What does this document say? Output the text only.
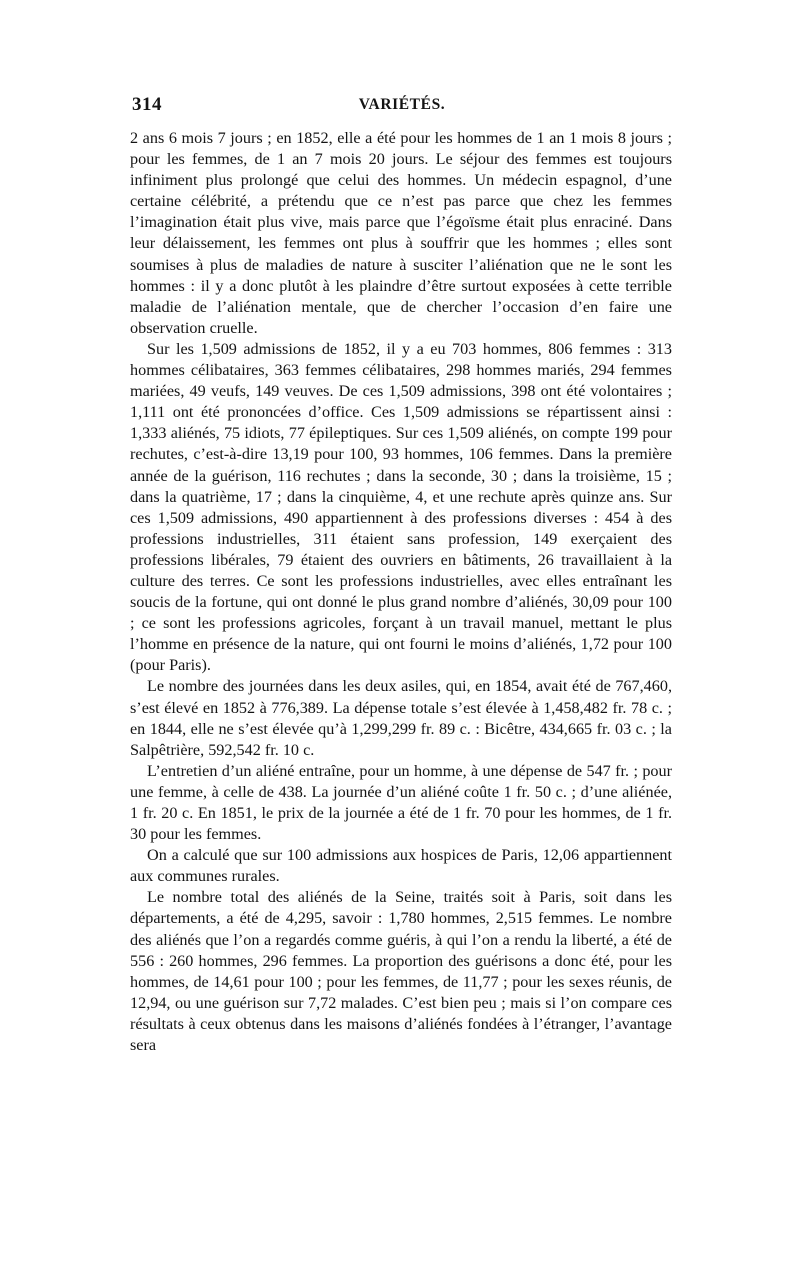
314	VARIÉTÉS.

2 ans 6 mois 7 jours ; en 1852, elle a été pour les hommes de 1 an 1 mois 8 jours ; pour les femmes, de 1 an 7 mois 20 jours. Le séjour des femmes est toujours infiniment plus prolongé que celui des hommes. Un médecin espagnol, d’une certaine célébrité, a prétendu que ce n’est pas parce que chez les femmes l’imagination était plus vive, mais parce que l’égoïsme était plus enraciné. Dans leur délaissement, les femmes ont plus à souffrir que les hommes ; elles sont soumises à plus de maladies de nature à susciter l’aliénation que ne le sont les hommes : il y a donc plutôt à les plaindre d’être surtout exposées à cette terrible maladie de l’aliénation mentale, que de chercher l’occasion d’en faire une observation cruelle.

Sur les 1,509 admissions de 1852, il y a eu 703 hommes, 806 femmes : 313 hommes célibataires, 363 femmes célibataires, 298 hommes mariés, 294 femmes mariées, 49 veufs, 149 veuves. De ces 1,509 admissions, 398 ont été volontaires ; 1,111 ont été prononcées d’office. Ces 1,509 admissions se répartissent ainsi : 1,333 aliénés, 75 idiots, 77 épileptiques. Sur ces 1,509 aliénés, on compte 199 pour rechutes, c’est-à-dire 13,19 pour 100, 93 hommes, 106 femmes. Dans la première année de la guérison, 116 rechutes ; dans la seconde, 30 ; dans la troisième, 15 ; dans la quatrième, 17 ; dans la cinquième, 4, et une rechute après quinze ans. Sur ces 1,509 admissions, 490 appartiennent à des professions diverses : 454 à des professions industrielles, 311 étaient sans profession, 149 exerçaient des professions libérales, 79 étaient des ouvriers en bâtiments, 26 travaillaient à la culture des terres. Ce sont les professions industrielles, avec elles entraînant les soucis de la fortune, qui ont donné le plus grand nombre d’aliénés, 30,09 pour 100 ; ce sont les professions agricoles, forçant à un travail manuel, mettant le plus l’homme en présence de la nature, qui ont fourni le moins d’aliénés, 1,72 pour 100 (pour Paris).

Le nombre des journées dans les deux asiles, qui, en 1854, avait été de 767,460, s’est élevé en 1852 à 776,389. La dépense totale s’est élevée à 1,458,482 fr. 78 c. ; en 1844, elle ne s’est élevée qu’à 1,299,299 fr. 89 c. : Bicêtre, 434,665 fr. 03 c. ; la Salpêtrière, 592,542 fr. 10 c.

L’entretien d’un aliéné entraîne, pour un homme, à une dépense de 547 fr. ; pour une femme, à celle de 438. La journée d’un aliéné coûte 1 fr. 50 c. ; d’une aliénée, 1 fr. 20 c. En 1851, le prix de la journée a été de 1 fr. 70 pour les hommes, de 1 fr. 30 pour les femmes.

On a calculé que sur 100 admissions aux hospices de Paris, 12,06 appartiennent aux communes rurales.

Le nombre total des aliénés de la Seine, traités soit à Paris, soit dans les départements, a été de 4,295, savoir : 1,780 hommes, 2,515 femmes. Le nombre des aliénés que l’on a regardés comme guéris, à qui l’on a rendu la liberté, a été de 556 : 260 hommes, 296 femmes. La proportion des guérisons a donc été, pour les hommes, de 14,61 pour 100 ; pour les femmes, de 11,77 ; pour les sexes réunis, de 12,94, ou une guérison sur 7,72 malades. C’est bien peu ; mais si l’on compare ces résultats à ceux obtenus dans les maisons d’aliénés fondées à l’étranger, l’avantage sera
